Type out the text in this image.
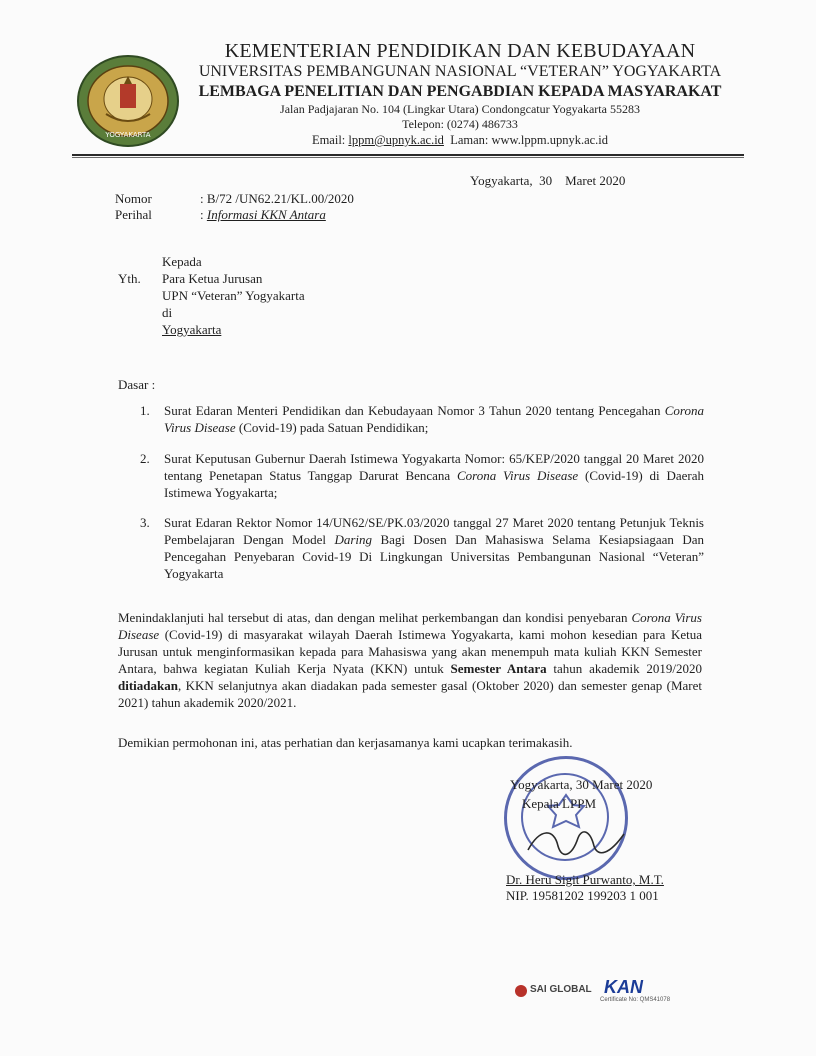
YOGYAKARTA
KEMENTERIAN PENDIDIKAN DAN KEBUDAYAAN
UNIVERSITAS PEMBANGUNAN NASIONAL “VETERAN” YOGYAKARTA
LEMBAGA PENELITIAN DAN PENGABDIAN KEPADA MASYARAKAT
Jalan Padjajaran No. 104 (Lingkar Utara) Condongcatur Yogyakarta 55283
Telepon: (0274) 486733
Email: lppm@upnyk.ac.id Laman: www.lppm.upnyk.ac.id
Yogyakarta,  30    Maret 2020
Nomor	: B/72 /UN62.21/KL.00/2020
Perihal	: Informasi KKN Antara
Kepada
Yth. Para Ketua Jurusan
UPN “Veteran” Yogyakarta
di
Yogyakarta
Dasar :
1. Surat Edaran Menteri Pendidikan dan Kebudayaan Nomor 3 Tahun 2020 tentang Pencegahan Corona Virus Disease (Covid-19) pada Satuan Pendidikan;
2. Surat Keputusan Gubernur Daerah Istimewa Yogyakarta Nomor: 65/KEP/2020 tanggal 20 Maret 2020 tentang Penetapan Status Tanggap Darurat Bencana Corona Virus Disease (Covid-19) di Daerah Istimewa Yogyakarta;
3. Surat Edaran Rektor Nomor 14/UN62/SE/PK.03/2020 tanggal 27 Maret 2020 tentang Petunjuk Teknis Pembelajaran Dengan Model Daring Bagi Dosen Dan Mahasiswa Selama Kesiapsiagaan Dan Pencegahan Penyebaran Covid-19 Di Lingkungan Universitas Pembangunan Nasional “Veteran” Yogyakarta
Menindaklanjuti hal tersebut di atas, dan dengan melihat perkembangan dan kondisi penyebaran Corona Virus Disease (Covid-19) di masyarakat wilayah Daerah Istimewa Yogyakarta, kami mohon kesedian para Ketua Jurusan untuk menginformasikan kepada para Mahasiswa yang akan menempuh mata kuliah KKN Semester Antara, bahwa kegiatan Kuliah Kerja Nyata (KKN) untuk Semester Antara tahun akademik 2019/2020 ditiadakan, KKN selanjutnya akan diadakan pada semester gasal (Oktober 2020) dan semester genap (Maret 2021) tahun akademik 2020/2021.
Demikian permohonan ini, atas perhatian dan kerjasamanya kami ucapkan terimakasih.
Yogyakarta, 30 Maret 2020
Kepala LPPM
Dr. Heru Sigit Purwanto, M.T.
NIP. 19581202 199203 1 001
SAI GLOBAL KAN
Certificate No: QMS41078
